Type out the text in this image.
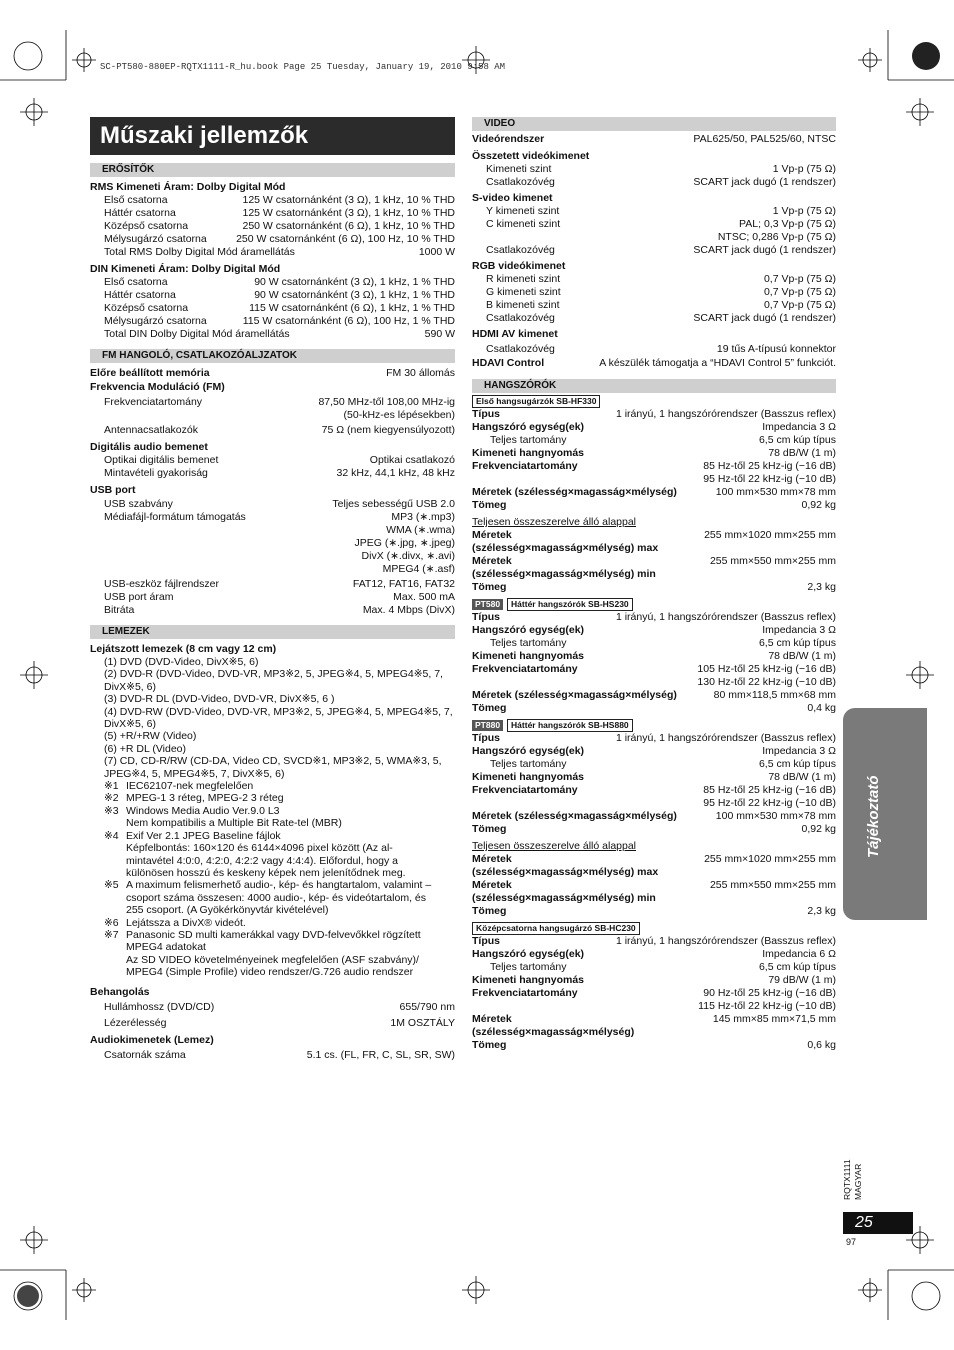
SC-PT580-880EP-RQTX1111-R_hu.book Page 25 Tuesday, January 19, 2010 9:58 AM
Műszaki jellemzők
ERŐSÍTŐK
RMS Kimeneti Áram: Dolby Digital Mód
Első csatorna	125 W csatornánként (3 Ω), 1 kHz, 10 % THD
Háttér csatorna	125 W csatornánként (3 Ω), 1 kHz, 10 % THD
Középső csatorna	250 W csatornánként (6 Ω), 1 kHz, 10 % THD
Mélysugárzó csatorna	250 W csatornánként (6 Ω), 100 Hz, 10 % THD
Total RMS Dolby Digital Mód áramellátás	1000 W
DIN Kimeneti Áram: Dolby Digital Mód
Első csatorna	90 W csatornánként (3 Ω), 1 kHz, 1 % THD
Háttér csatorna	90 W csatornánként (3 Ω), 1 kHz, 1 % THD
Középső csatorna	115 W csatornánként (6 Ω), 1 kHz, 1 % THD
Mélysugárzó csatorna	115 W csatornánként (6 Ω), 100 Hz, 1 % THD
Total DIN Dolby Digital Mód áramellátás	590 W
FM HANGOLÓ, CSATLAKOZÓALJZATOK
Előre beállított memória	FM 30 állomás
Frekvencia Moduláció (FM)
Frekvenciatartomány	87,50 MHz-től 108,00 MHz-ig
(50-kHz-es lépésekben)
Antennacsatlakozók	75 Ω (nem kiegyensúlyozott)
Digitális audio bemenet
Optikai digitális bemenet	Optikai csatlakozó
Mintavételi gyakoriság	32 kHz, 44,1 kHz, 48 kHz
USB port
USB szabvány	Teljes sebességű USB 2.0
Médiafájl-formátum támogatás	MP3 (∗.mp3)
WMA (∗.wma)
JPEG (∗.jpg, ∗.jpeg)
DivX (∗.divx, ∗.avi)
MPEG4 (∗.asf)
USB-eszköz fájlrendszer	FAT12, FAT16, FAT32
USB port áram	Max. 500 mA
Bitráta	Max. 4 Mbps (DivX)
LEMEZEK
Lejátszott lemezek (8 cm vagy 12 cm)
(1) DVD (DVD-Video, DivX※5, 6)
(2) DVD-R (DVD-Video, DVD-VR, MP3※2, 5, JPEG※4, 5, MPEG4※5, 7,
DivX※5, 6)
(3) DVD-R DL (DVD-Video, DVD-VR, DivX※5, 6 )
(4) DVD-RW (DVD-Video, DVD-VR, MP3※2, 5, JPEG※4, 5, MPEG4※5, 7,
DivX※5, 6)
(5) +R/+RW (Video)
(6) +R DL (Video)
(7) CD, CD-R/RW (CD-DA, Video CD, SVCD※1, MP3※2, 5, WMA※3, 5,
JPEG※4, 5, MPEG4※5, 7, DivX※5, 6)
※1 IEC62107-nek megfelelően
※2 MPEG-1 3 réteg, MPEG-2 3 réteg
※3 Windows Media Audio Ver.9.0 L3
Nem kompatibilis a Multiple Bit Rate-tel (MBR)
※4 Exif Ver 2.1 JPEG Baseline fájlok
Képfelbontás: 160×120 és 6144×4096 pixel között (Az al-
mintavétel 4:0:0, 4:2:0, 4:2:2 vagy 4:4:4). Előfordul, hogy a
különösen hosszú és keskeny képek nem jelenítődnek meg.
※5 A maximum felismerhető audio-, kép- és hangtartalom, valamint –
csoport száma összesen: 4000 audio-, kép- és videótartalom, és
255 csoport. (A Gyökérkönyvtár kivételével)
※6 Lejátssza a DivX® videót.
※7 Panasonic SD multi kamerákkal vagy DVD-felvevőkkel rögzített
MPEG4 adatokat
Az SD VIDEO követelményeinek megfelelően (ASF szabvány)/
MPEG4 (Simple Profile) video rendszer/G.726 audio rendszer
Behangolás
Hullámhossz (DVD/CD)	655/790 nm
Lézerélesség	1M OSZTÁLY
Audiokimenetek (Lemez)
Csatornák száma	5.1 cs. (FL, FR, C, SL, SR, SW)
VIDEO
Videórendszer	PAL625/50, PAL525/60, NTSC
Összetett videókimenet
Kimeneti szint	1 Vp-p (75 Ω)
Csatlakozóvég	SCART jack dugó (1 rendszer)
S-video kimenet
Y kimeneti szint	1 Vp-p (75 Ω)
C kimeneti szint	PAL; 0,3 Vp-p (75 Ω)
NTSC; 0,286 Vp-p (75 Ω)
Csatlakozóvég	SCART jack dugó (1 rendszer)
RGB videókimenet
R kimeneti szint	0,7 Vp-p (75 Ω)
G kimeneti szint	0,7 Vp-p (75 Ω)
B kimeneti szint	0,7 Vp-p (75 Ω)
Csatlakozóvég	SCART jack dugó (1 rendszer)
HDMI AV kimenet
Csatlakozóvég	19 tűs A-típusú konnektor
HDAVI Control	A készülék támogatja a “HDAVI Control 5” funkciót.
HANGSZÓRÓK
Első hangsugárzók SB-HF330
Típus	1 irányú, 1 hangszórórendszer (Basszus reflex)
Hangszóró egység(ek)	Impedancia 3 Ω
Teljes tartomány	6,5 cm kúp típus
Kimeneti hangnyomás	78 dB/W (1 m)
Frekvenciatartomány	85 Hz-től 25 kHz-ig (−16 dB)
95 Hz-től 22 kHz-ig (−10 dB)
Méretek (szélesség×magasság×mélység)	100 mm×530 mm×78 mm
Tömeg	0,92 kg
Teljesen összeszerelve álló alappal
Méretek
(szélesség×magasság×mélység) max
255 mm×1020 mm×255 mm
Méretek
(szélesség×magasság×mélység) min
255 mm×550 mm×255 mm
Tömeg	2,3 kg
PT580 Háttér hangszórók SB-HS230
Típus	1 irányú, 1 hangszórórendszer (Basszus reflex)
Hangszóró egység(ek)	Impedancia 3 Ω
Teljes tartomány	6,5 cm kúp típus
Kimeneti hangnyomás	78 dB/W (1 m)
Frekvenciatartomány	105 Hz-től 25 kHz-ig (−16 dB)
130 Hz-től 22 kHz-ig (−10 dB)
Méretek (szélesség×magasság×mélység)	80 mm×118,5 mm×68 mm
Tömeg	0,4 kg
PT880 Háttér hangszórók SB-HS880
Típus	1 irányú, 1 hangszórórendszer (Basszus reflex)
Hangszóró egység(ek)	Impedancia 3 Ω
Teljes tartomány	6,5 cm kúp típus
Kimeneti hangnyomás	78 dB/W (1 m)
Frekvenciatartomány	85 Hz-től 25 kHz-ig (−16 dB)
95 Hz-től 22 kHz-ig (−10 dB)
Méretek (szélesség×magasság×mélység)	100 mm×530 mm×78 mm
Tömeg	0,92 kg
Teljesen összeszerelve álló alappal
Méretek
(szélesség×magasság×mélység) max
255 mm×1020 mm×255 mm
Méretek
(szélesség×magasság×mélység) min
255 mm×550 mm×255 mm
Tömeg	2,3 kg
Középcsatorna hangsugárzó SB-HC230
Típus	1 irányú, 1 hangszórórendszer (Basszus reflex)
Hangszóró egység(ek)	Impedancia 6 Ω
Teljes tartomány	6,5 cm kúp típus
Kimeneti hangnyomás	79 dB/W (1 m)
Frekvenciatartomány	90 Hz-től 25 kHz-ig (−16 dB)
115 Hz-től 22 kHz-ig (−10 dB)
Méretek
(szélesség×magasság×mélység)
145 mm×85 mm×71,5 mm
Tömeg	0,6 kg
Tájékoztató
RQTX1111
MAGYAR
25
97
